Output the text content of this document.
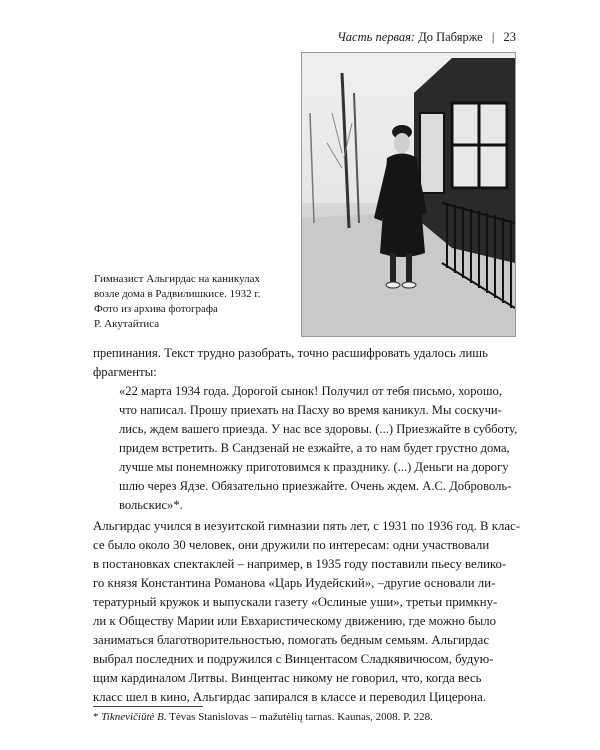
Часть первая: До Пабярже | 23
Гимназист Альгирдас на каникулах
возле дома в Радвилишкисе. 1932 г.
Фото из архива фотографа
Р. Акутайтиса
препинания. Текст трудно разобрать, точно расшифровать удалось лишь
фрагменты:
«22 марта 1934 года. Дорогой сынок! Получил от тебя письмо, хорошо,
что написал. Прошу приехать на Пасху во время каникул. Мы соскучи-
лись, ждем вашего приезда. У нас все здоровы. (...) Приезжайте в субботу,
придем встретить. В Сандзенай не езжайте, а то нам будет грустно дома,
лучше мы понемножку приготовимся к празднику. (...) Деньги на дорогу
шлю через Ядзе. Обязательно приезжайте. Очень ждем. А.С. Доброволь-
вольскис»*.
Альгирдас учился в иезуитской гимназии пять лет, с 1931 по 1936 год. В клас-
се было около 30 человек, они дружили по интересам: одни участвовали
в постановках спектаклей – например, в 1935 году поставили пьесу велико-
го князя Константина Романова «Царь Иудейский», –другие основали ли-
тературный кружок и выпускали газету «Ослиные уши», третьи примкну-
ли к Обществу Марии или Евхаристическому движению, где можно было
заниматься благотворительностью, помогать бедным семьям. Альгирдас
выбрал последних и подружился с Винцентасом Сладкявичюсом, будую-
щим кардиналом Литвы. Винцентас никому не говорил, что, когда весь
класс шел в кино, Альгирдас запирался в классе и переводил Цицерона.
* Tiknevičiūtė B. Tėvas Stanislovas – mažutėlių tarnas. Kaunas, 2008. P. 228.
